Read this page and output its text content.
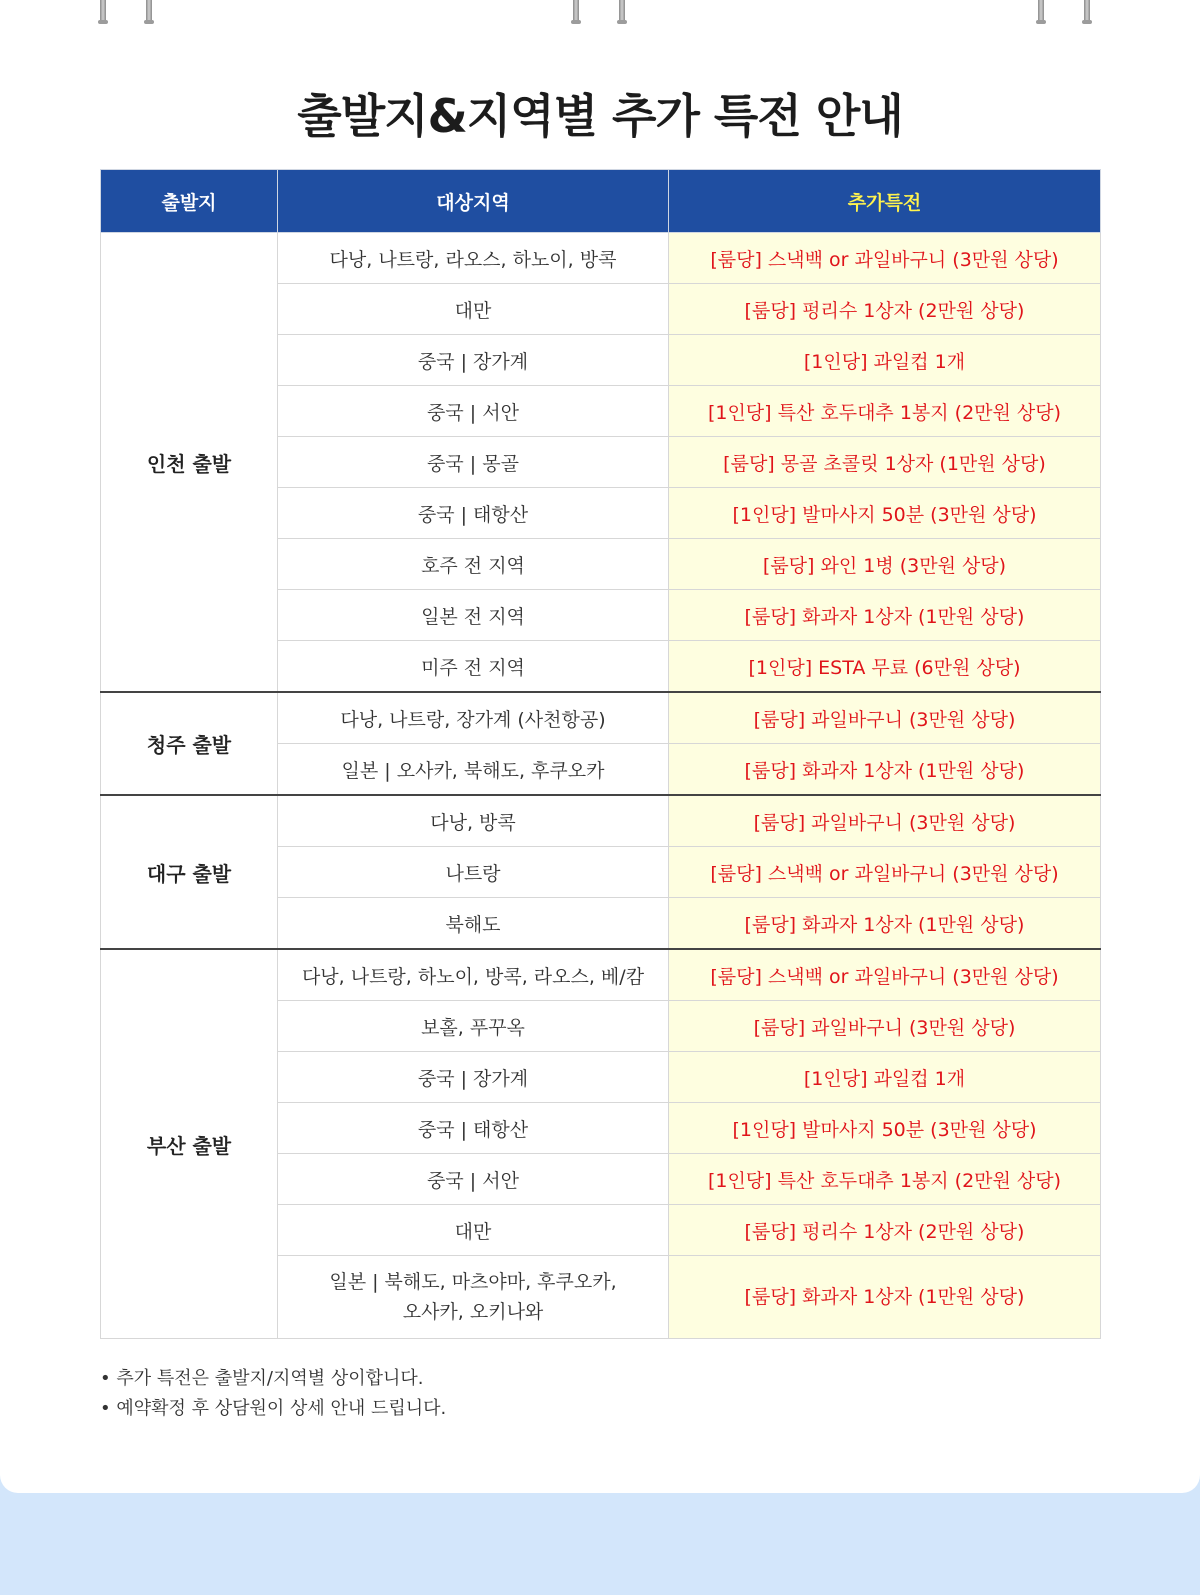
출발지&지역별 추가 특전 안내
출발지	대상지역	추가특전
인천 출발	다낭, 나트랑, 라오스, 하노이, 방콕	[룸당] 스낵백 or 과일바구니 (3만원 상당)
	대만	[룸당] 펑리수 1상자 (2만원 상당)
	중국 | 장가계	[1인당] 과일컵 1개
	중국 | 서안	[1인당] 특산 호두대추 1봉지 (2만원 상당)
	중국 | 몽골	[룸당] 몽골 초콜릿 1상자 (1만원 상당)
	중국 | 태항산	[1인당] 발마사지 50분 (3만원 상당)
	호주 전 지역	[룸당] 와인 1병 (3만원 상당)
	일본 전 지역	[룸당] 화과자 1상자 (1만원 상당)
	미주 전 지역	[1인당] ESTA 무료 (6만원 상당)
청주 출발	다낭, 나트랑, 장가계 (사천항공)	[룸당] 과일바구니 (3만원 상당)
	일본 | 오사카, 북해도, 후쿠오카	[룸당] 화과자 1상자 (1만원 상당)
대구 출발	다낭, 방콕	[룸당] 과일바구니 (3만원 상당)
	나트랑	[룸당] 스낵백 or 과일바구니 (3만원 상당)
	북해도	[룸당] 화과자 1상자 (1만원 상당)
부산 출발	다낭, 나트랑, 하노이, 방콕, 라오스, 베/캄	[룸당] 스낵백 or 과일바구니 (3만원 상당)
	보홀, 푸꾸옥	[룸당] 과일바구니 (3만원 상당)
	중국 | 장가계	[1인당] 과일컵 1개
	중국 | 태항산	[1인당] 발마사지 50분 (3만원 상당)
	중국 | 서안	[1인당] 특산 호두대추 1봉지 (2만원 상당)
	대만	[룸당] 펑리수 1상자 (2만원 상당)

	일본 | 북해도, 마츠야마, 후쿠오카,
오사카, 오키나와	[룸당] 화과자 1상자 (1만원 상당)
• 추가 특전은 출발지/지역별 상이합니다.
• 예약확정 후 상담원이 상세 안내 드립니다.
